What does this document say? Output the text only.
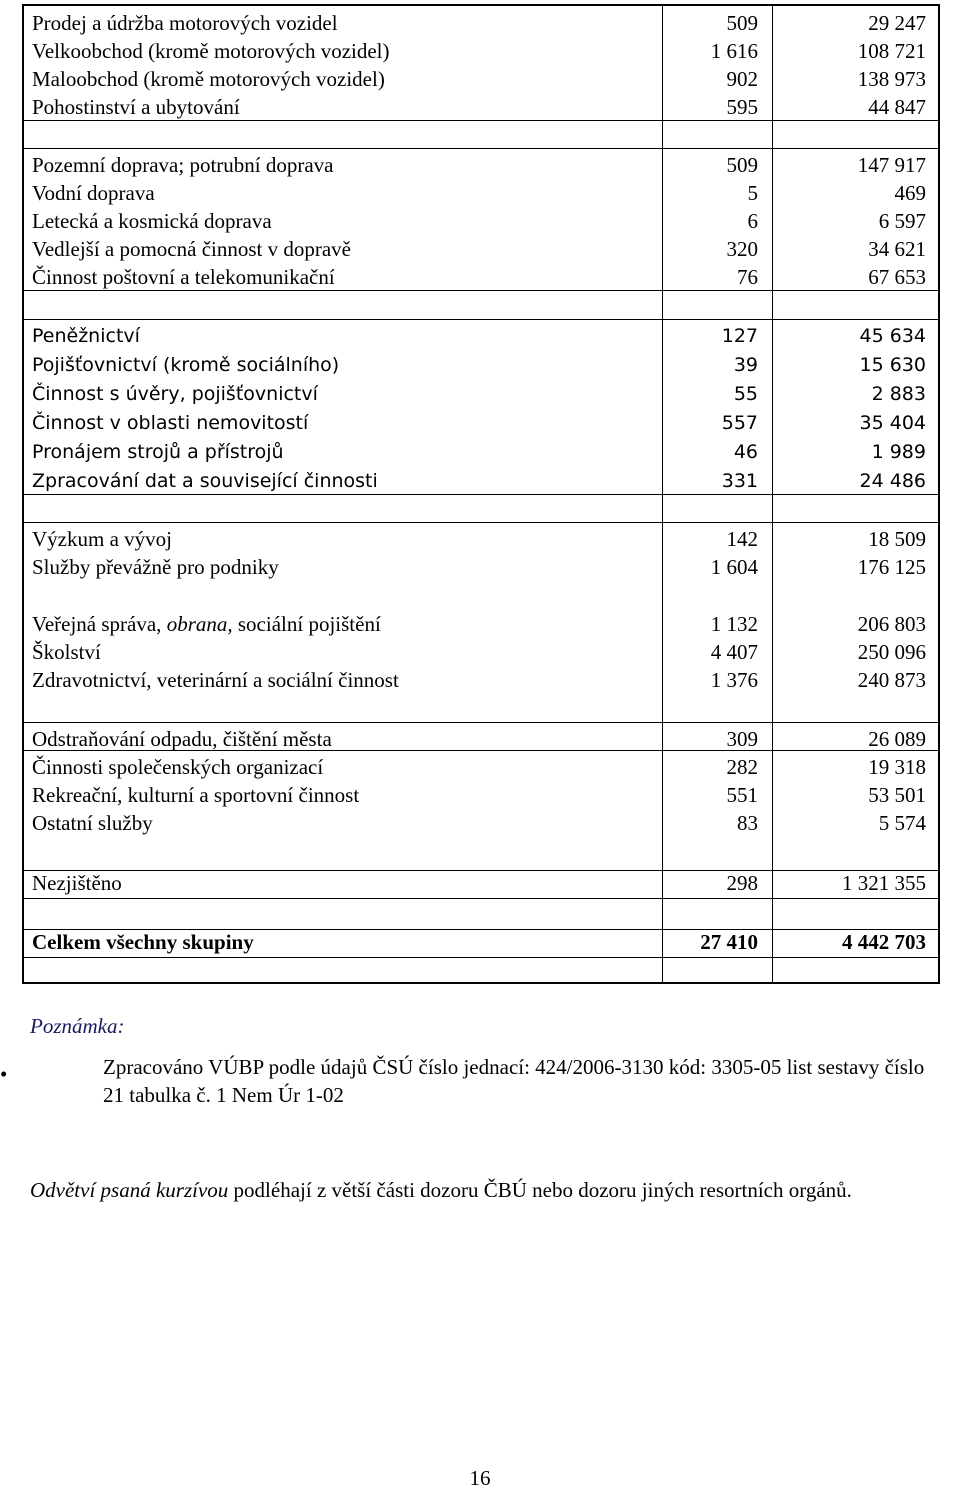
Prodej a údržba motorových vozidel	509	29 247
Velkoobchod (kromě motorových vozidel)	1 616	108 721
Maloobchod (kromě motorových vozidel)	902	138 973
Pohostinství a ubytování	595	44 847
Pozemní doprava; potrubní doprava	509	147 917
Vodní doprava	5	469
Letecká a kosmická doprava	6	6 597
Vedlejší a pomocná činnost v dopravě	320	34 621
Činnost poštovní a telekomunikační	76	67 653
Peněžnictví	127	45 634
Pojišťovnictví (kromě sociálního)	39	15 630
Činnost s úvěry, pojišťovnictví	55	2 883
Činnost v oblasti nemovitostí	557	35 404
Pronájem strojů a přístrojů	46	1 989
Zpracování dat a související činnosti	331	24 486
Výzkum a vývoj	142	18 509
Služby převážně pro podniky	1 604	176 125
Veřejná správa, obrana, sociální pojištění	1 132	206 803
Školství	4 407	250 096
Zdravotnictví, veterinární a sociální činnost	1 376	240 873
Odstraňování odpadu, čištění města	309	26 089
Činnosti společenských organizací	282	19 318
Rekreační, kulturní a sportovní činnost	551	53 501
Ostatní služby	83	5 574
Nezjištěno	298	1 321 355
Celkem všechny skupiny	27 410	4 442 703
Poznámka:
•	Zpracováno VÚBP podle údajů ČSÚ číslo jednací: 424/2006-3130 kód: 3305-05 list sestavy číslo 21 tabulka č. 1 Nem Úr 1-02
Odvětví psaná kurzívou podléhají z větší části dozoru ČBÚ nebo dozoru jiných resortních orgánů.
16
